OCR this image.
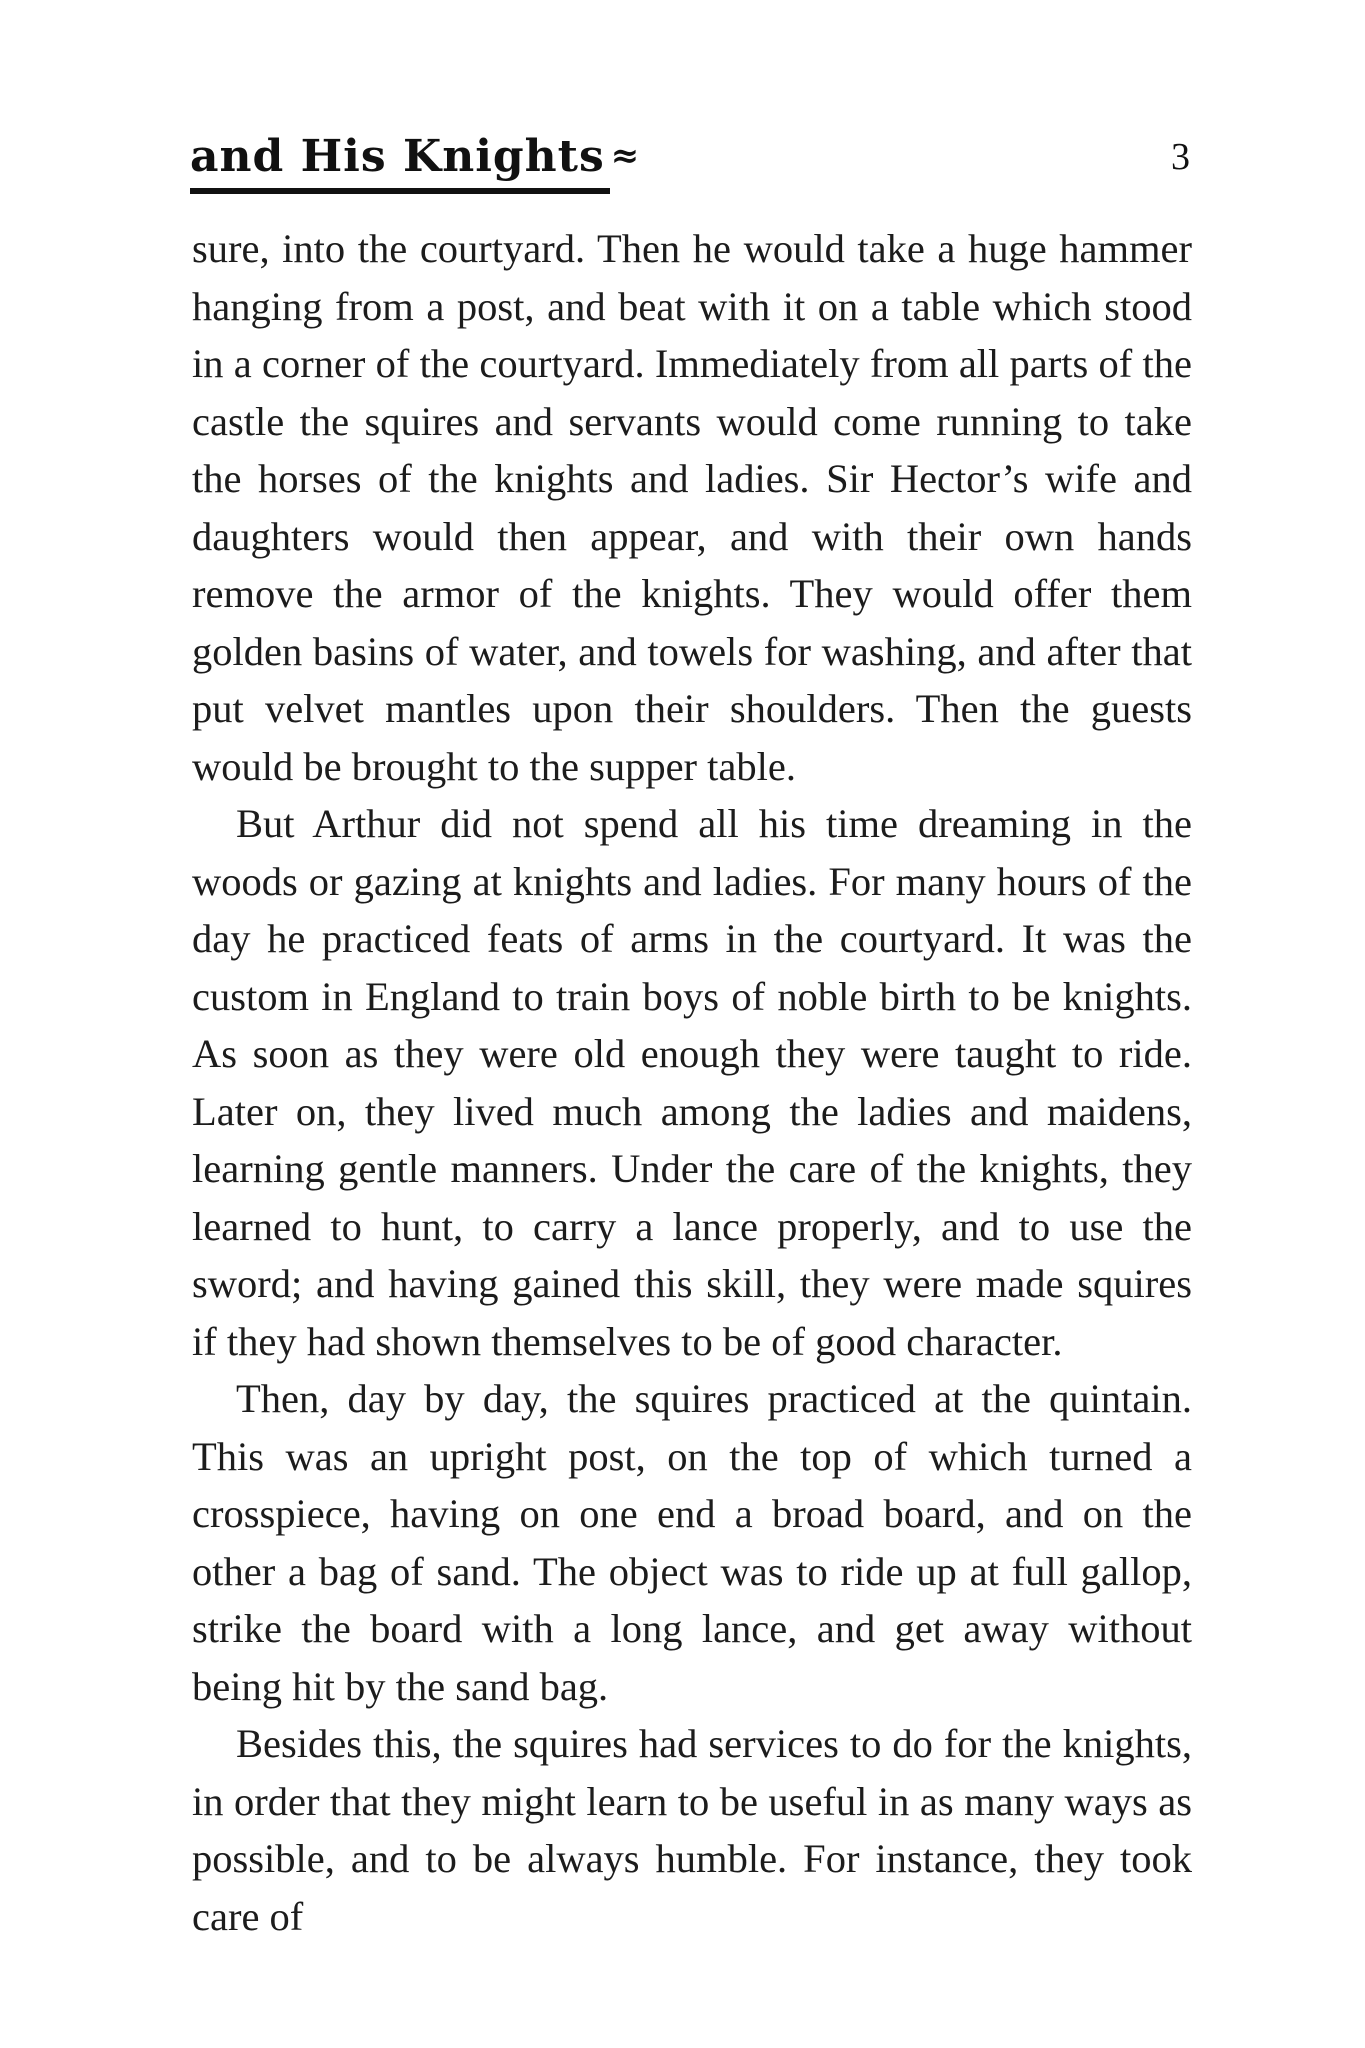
and His Knights ≈	3

sure, into the courtyard. Then he would take a huge hammer hanging from a post, and beat with it on a table which stood in a corner of the courtyard. Immediately from all parts of the castle the squires and servants would come running to take the horses of the knights and ladies. Sir Hector’s wife and daughters would then appear, and with their own hands remove the armor of the knights. They would offer them golden basins of water, and towels for washing, and after that put velvet mantles upon their shoulders. Then the guests would be brought to the supper table.

But Arthur did not spend all his time dreaming in the woods or gazing at knights and ladies. For many hours of the day he practiced feats of arms in the courtyard. It was the custom in England to train boys of noble birth to be knights. As soon as they were old enough they were taught to ride. Later on, they lived much among the ladies and maidens, learning gentle manners. Under the care of the knights, they learned to hunt, to carry a lance properly, and to use the sword; and having gained this skill, they were made squires if they had shown themselves to be of good character.

Then, day by day, the squires practiced at the quintain. This was an upright post, on the top of which turned a crosspiece, having on one end a broad board, and on the other a bag of sand. The object was to ride up at full gallop, strike the board with a long lance, and get away without being hit by the sand bag.

Besides this, the squires had services to do for the knights, in order that they might learn to be useful in as many ways as possible, and to be always humble. For instance, they took care of
